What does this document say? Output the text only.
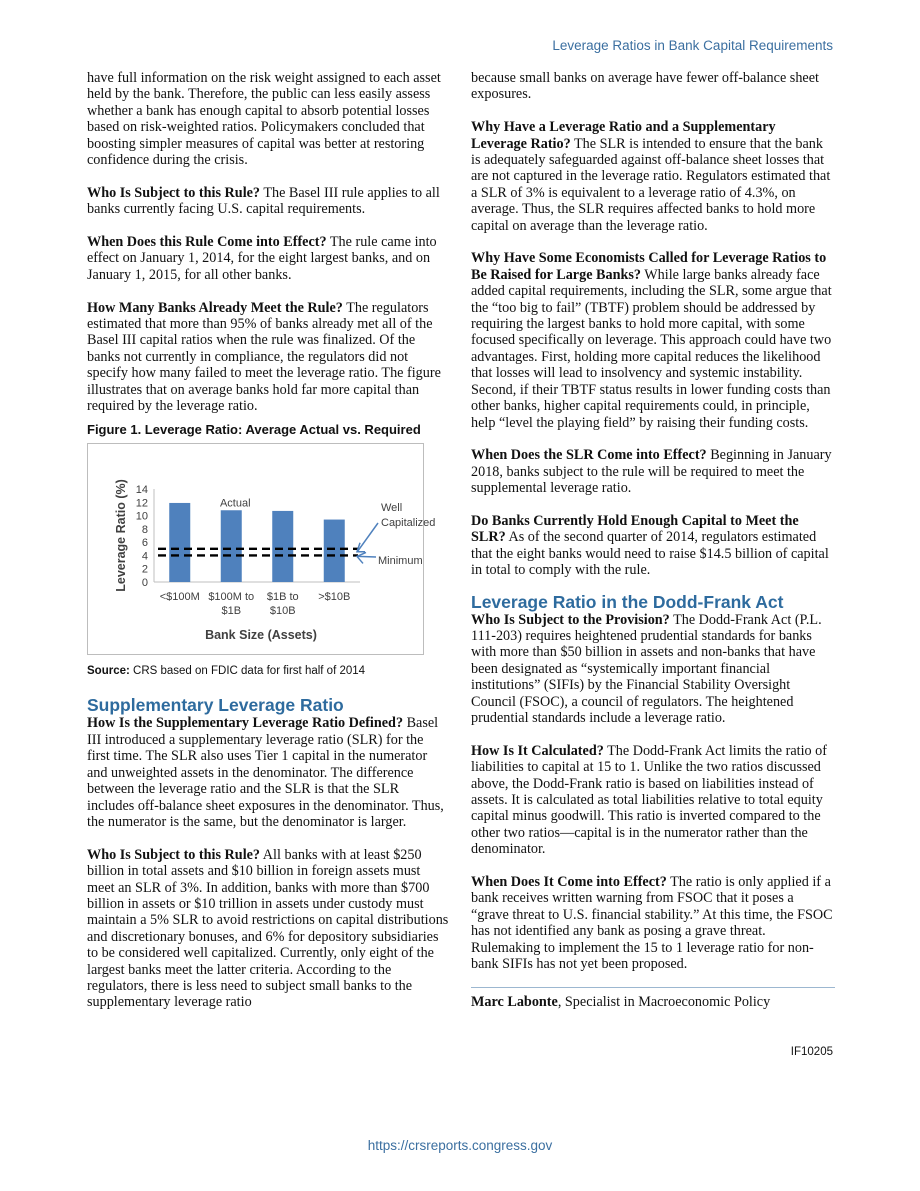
Leverage Ratios in Bank Capital Requirements

have full information on the risk weight assigned to each asset held by the bank. Therefore, the public can less easily assess whether a bank has enough capital to absorb potential losses based on risk-weighted ratios. Policymakers concluded that boosting simpler measures of capital was better at restoring confidence during the crisis.

Who Is Subject to this Rule? The Basel III rule applies to all banks currently facing U.S. capital requirements.

When Does this Rule Come into Effect? The rule came into effect on January 1, 2014, for the eight largest banks, and on January 1, 2015, for all other banks.

How Many Banks Already Meet the Rule? The regulators estimated that more than 95% of banks already met all of the Basel III capital ratios when the rule was finalized. Of the banks not currently in compliance, the regulators did not specify how many failed to meet the leverage ratio. The figure illustrates that on average banks hold far more capital than required by the leverage ratio.

Figure 1. Leverage Ratio: Average Actual vs. Required
0
2
4
6
8
10
12
14
Leverage Ratio (%)
<$100M $100M to
$1B
$1B to
$10B
>$10B
Actual	Well
Capitalized
Minimum
Bank Size (Assets)
Source: CRS based on FDIC data for first half of 2014
Supplementary Leverage Ratio

How Is the Supplementary Leverage Ratio Defined? Basel III introduced a supplementary leverage ratio (SLR) for the first time. The SLR also uses Tier 1 capital in the numerator and unweighted assets in the denominator. The difference between the leverage ratio and the SLR is that the SLR includes off-balance sheet exposures in the denominator. Thus, the numerator is the same, but the denominator is larger.

Who Is Subject to this Rule? All banks with at least $250 billion in total assets and $10 billion in foreign assets must meet an SLR of 3%. In addition, banks with more than $700 billion in assets or $10 trillion in assets under custody must maintain a 5% SLR to avoid restrictions on capital distributions and discretionary bonuses, and 6% for depository subsidiaries to be considered well capitalized. Currently, only eight of the largest banks meet the latter criteria. According to the regulators, there is less need to subject small banks to the supplementary leverage ratio

because small banks on average have fewer off-balance sheet exposures.

Why Have a Leverage Ratio and a Supplementary Leverage Ratio? The SLR is intended to ensure that the bank is adequately safeguarded against off-balance sheet losses that are not captured in the leverage ratio. Regulators estimated that a SLR of 3% is equivalent to a leverage ratio of 4.3%, on average. Thus, the SLR requires affected banks to hold more capital on average than the leverage ratio.

Why Have Some Economists Called for Leverage Ratios to Be Raised for Large Banks? While large banks already face added capital requirements, including the SLR, some argue that the “too big to fail” (TBTF) problem should be addressed by requiring the largest banks to hold more capital, with some focused specifically on leverage. This approach could have two advantages. First, holding more capital reduces the likelihood that losses will lead to insolvency and systemic instability. Second, if their TBTF status results in lower funding costs than other banks, higher capital requirements could, in principle, help “level the playing field” by raising their funding costs.

When Does the SLR Come into Effect? Beginning in January 2018, banks subject to the rule will be required to meet the supplemental leverage ratio.

Do Banks Currently Hold Enough Capital to Meet the SLR? As of the second quarter of 2014, regulators estimated that the eight banks would need to raise $14.5 billion of capital in total to comply with the rule.

Leverage Ratio in the Dodd-Frank Act

Who Is Subject to the Provision? The Dodd-Frank Act (P.L. 111-203) requires heightened prudential standards for banks with more than $50 billion in assets and non-banks that have been designated as “systemically important financial institutions” (SIFIs) by the Financial Stability Oversight Council (FSOC), a council of regulators. The heightened prudential standards include a leverage ratio.

How Is It Calculated? The Dodd-Frank Act limits the ratio of liabilities to capital at 15 to 1. Unlike the two ratios discussed above, the Dodd-Frank ratio is based on liabilities instead of assets. It is calculated as total liabilities relative to total equity capital minus goodwill. This ratio is inverted compared to the other two ratios—capital is in the numerator rather than the denominator.

When Does It Come into Effect? The ratio is only applied if a bank receives written warning from FSOC that it poses a “grave threat to U.S. financial stability.” At this time, the FSOC has not identified any bank as posing a grave threat. Rulemaking to implement the 15 to 1 leverage ratio for non-bank SIFIs has not yet been proposed.

Marc Labonte, Specialist in Macroeconomic Policy

IF10205
https://crsreports.congress.gov
